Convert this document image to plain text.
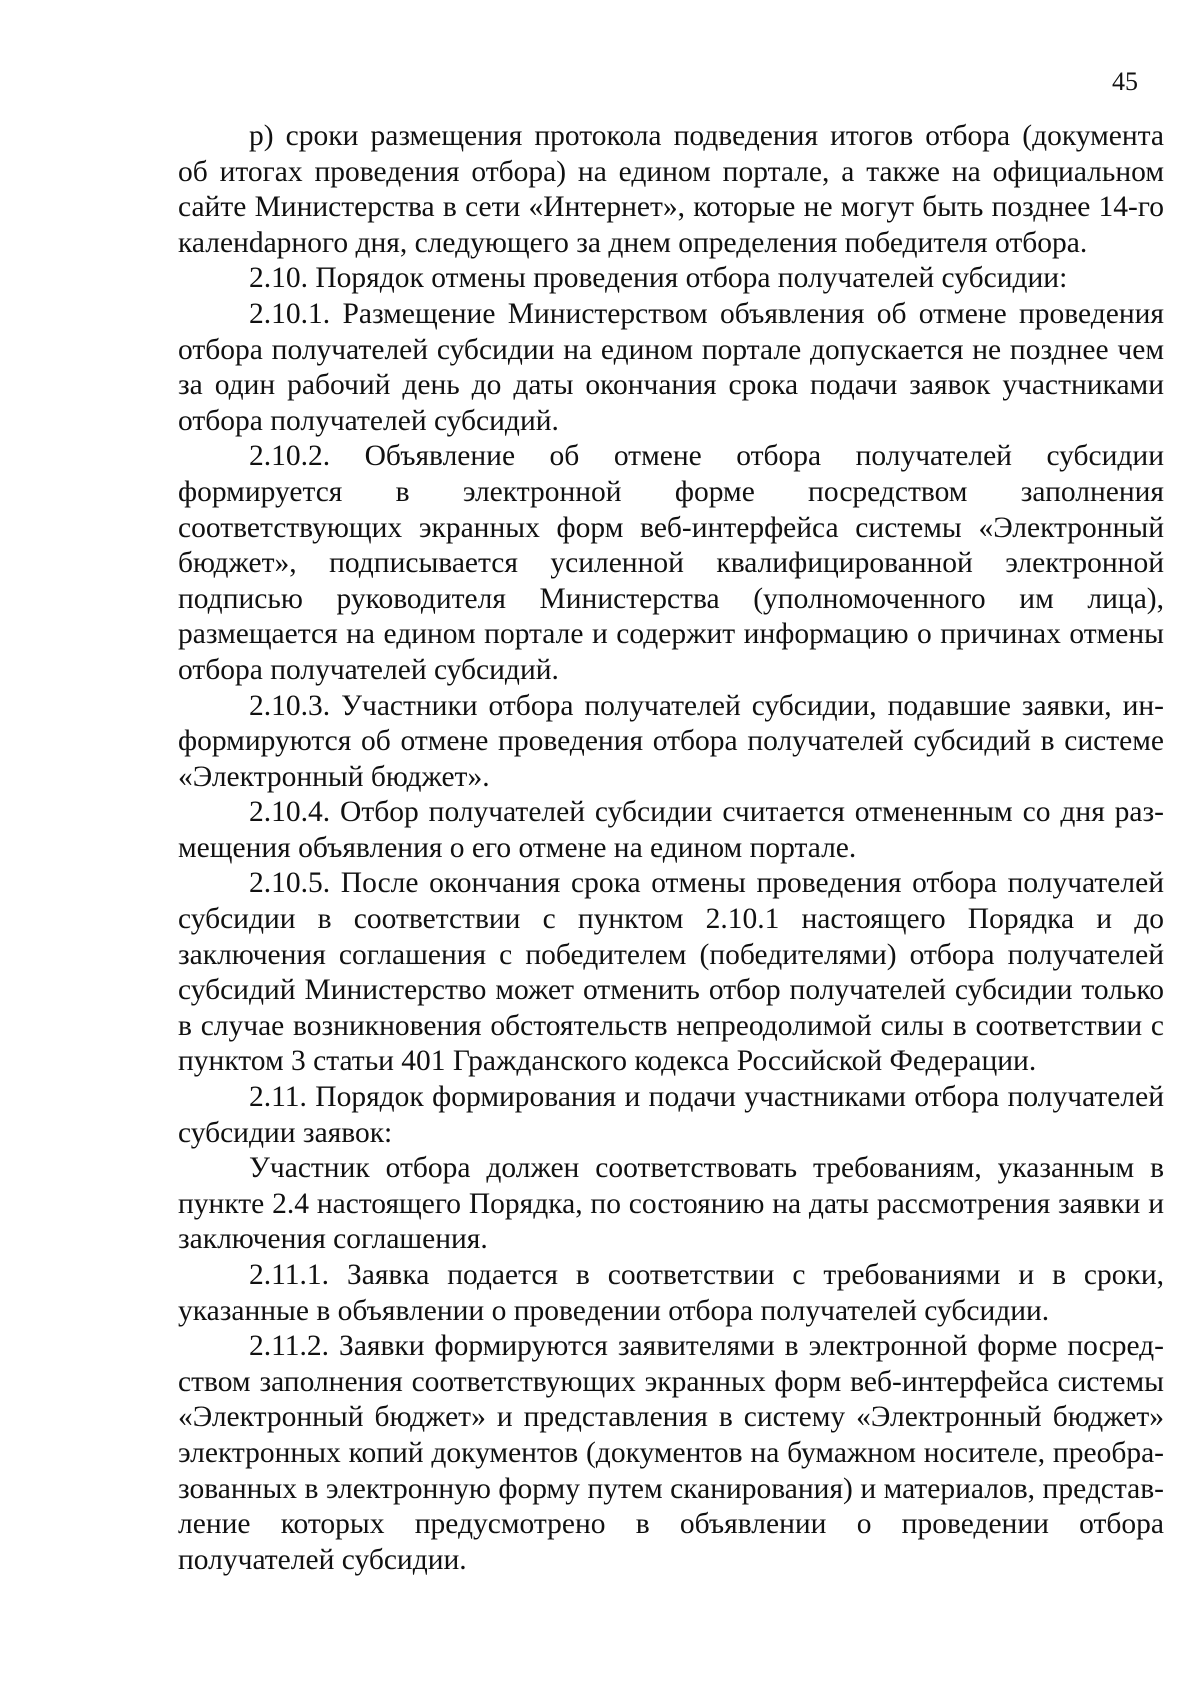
45

р) сроки размещения протокола подведения итогов отбора (документа об итогах проведения отбора) на едином портале, а также на официальном сайте Министерства в сети «Интернет», которые не могут быть позднее 14-го каленdарного дня, следующего за днем определения победителя отбора.

2.10. Порядок отмены проведения отбора получателей субсидии:

2.10.1. Размещение Министерством объявления об отмене проведения отбора получателей субсидии на едином портале допускается не позднее чем за один рабочий день до даты окончания срока подачи заявок участниками отбора получателей субсидий.

2.10.2. Объявление об отмене отбора получателей субсидии формируется в электронной форме посредством заполнения соответствующих экранных форм веб-интерфейса системы «Электронный бюджет», подписывается усиленной квалифицированной электронной подписью руководителя Министерства (уполномоченного им лица), размещается на едином портале и содержит информацию о причинах отмены отбора получателей субсидий.

2.10.3. Участники отбора получателей субсидии, подавшие заявки, информируются об отмене проведения отбора получателей субсидий в системе «Электронный бюджет».

2.10.4. Отбор получателей субсидии считается отмененным со дня размещения объявления о его отмене на едином портале.

2.10.5. После окончания срока отмены проведения отбора получателей субсидии в соответствии с пунктом 2.10.1 настоящего Порядка и до заключения соглашения с победителем (победителями) отбора получателей субсидий Министерство может отменить отбор получателей субсидии только в случае возникновения обстоятельств непреодолимой силы в соответствии с пунктом 3 статьи 401 Гражданского кодекса Российской Федерации.

2.11. Порядок формирования и подачи участниками отбора получателей субсидии заявок:

Участник отбора должен соответствовать требованиям, указанным в пункте 2.4 настоящего Порядка, по состоянию на даты рассмотрения заявки и заключения соглашения.

2.11.1. Заявка подается в соответствии с требованиями и в сроки, указанные в объявлении о проведении отбора получателей субсидии.

2.11.2. Заявки формируются заявителями в электронной форме посредством заполнения соответствующих экранных форм веб-интерфейса системы «Электронный бюджет» и представления в систему «Электронный бюджет» электронных копий документов (документов на бумажном носителе, преобразованных в электронную форму путем сканирования) и материалов, представление которых предусмотрено в объявлении о проведении отбора получателей субсидии.
